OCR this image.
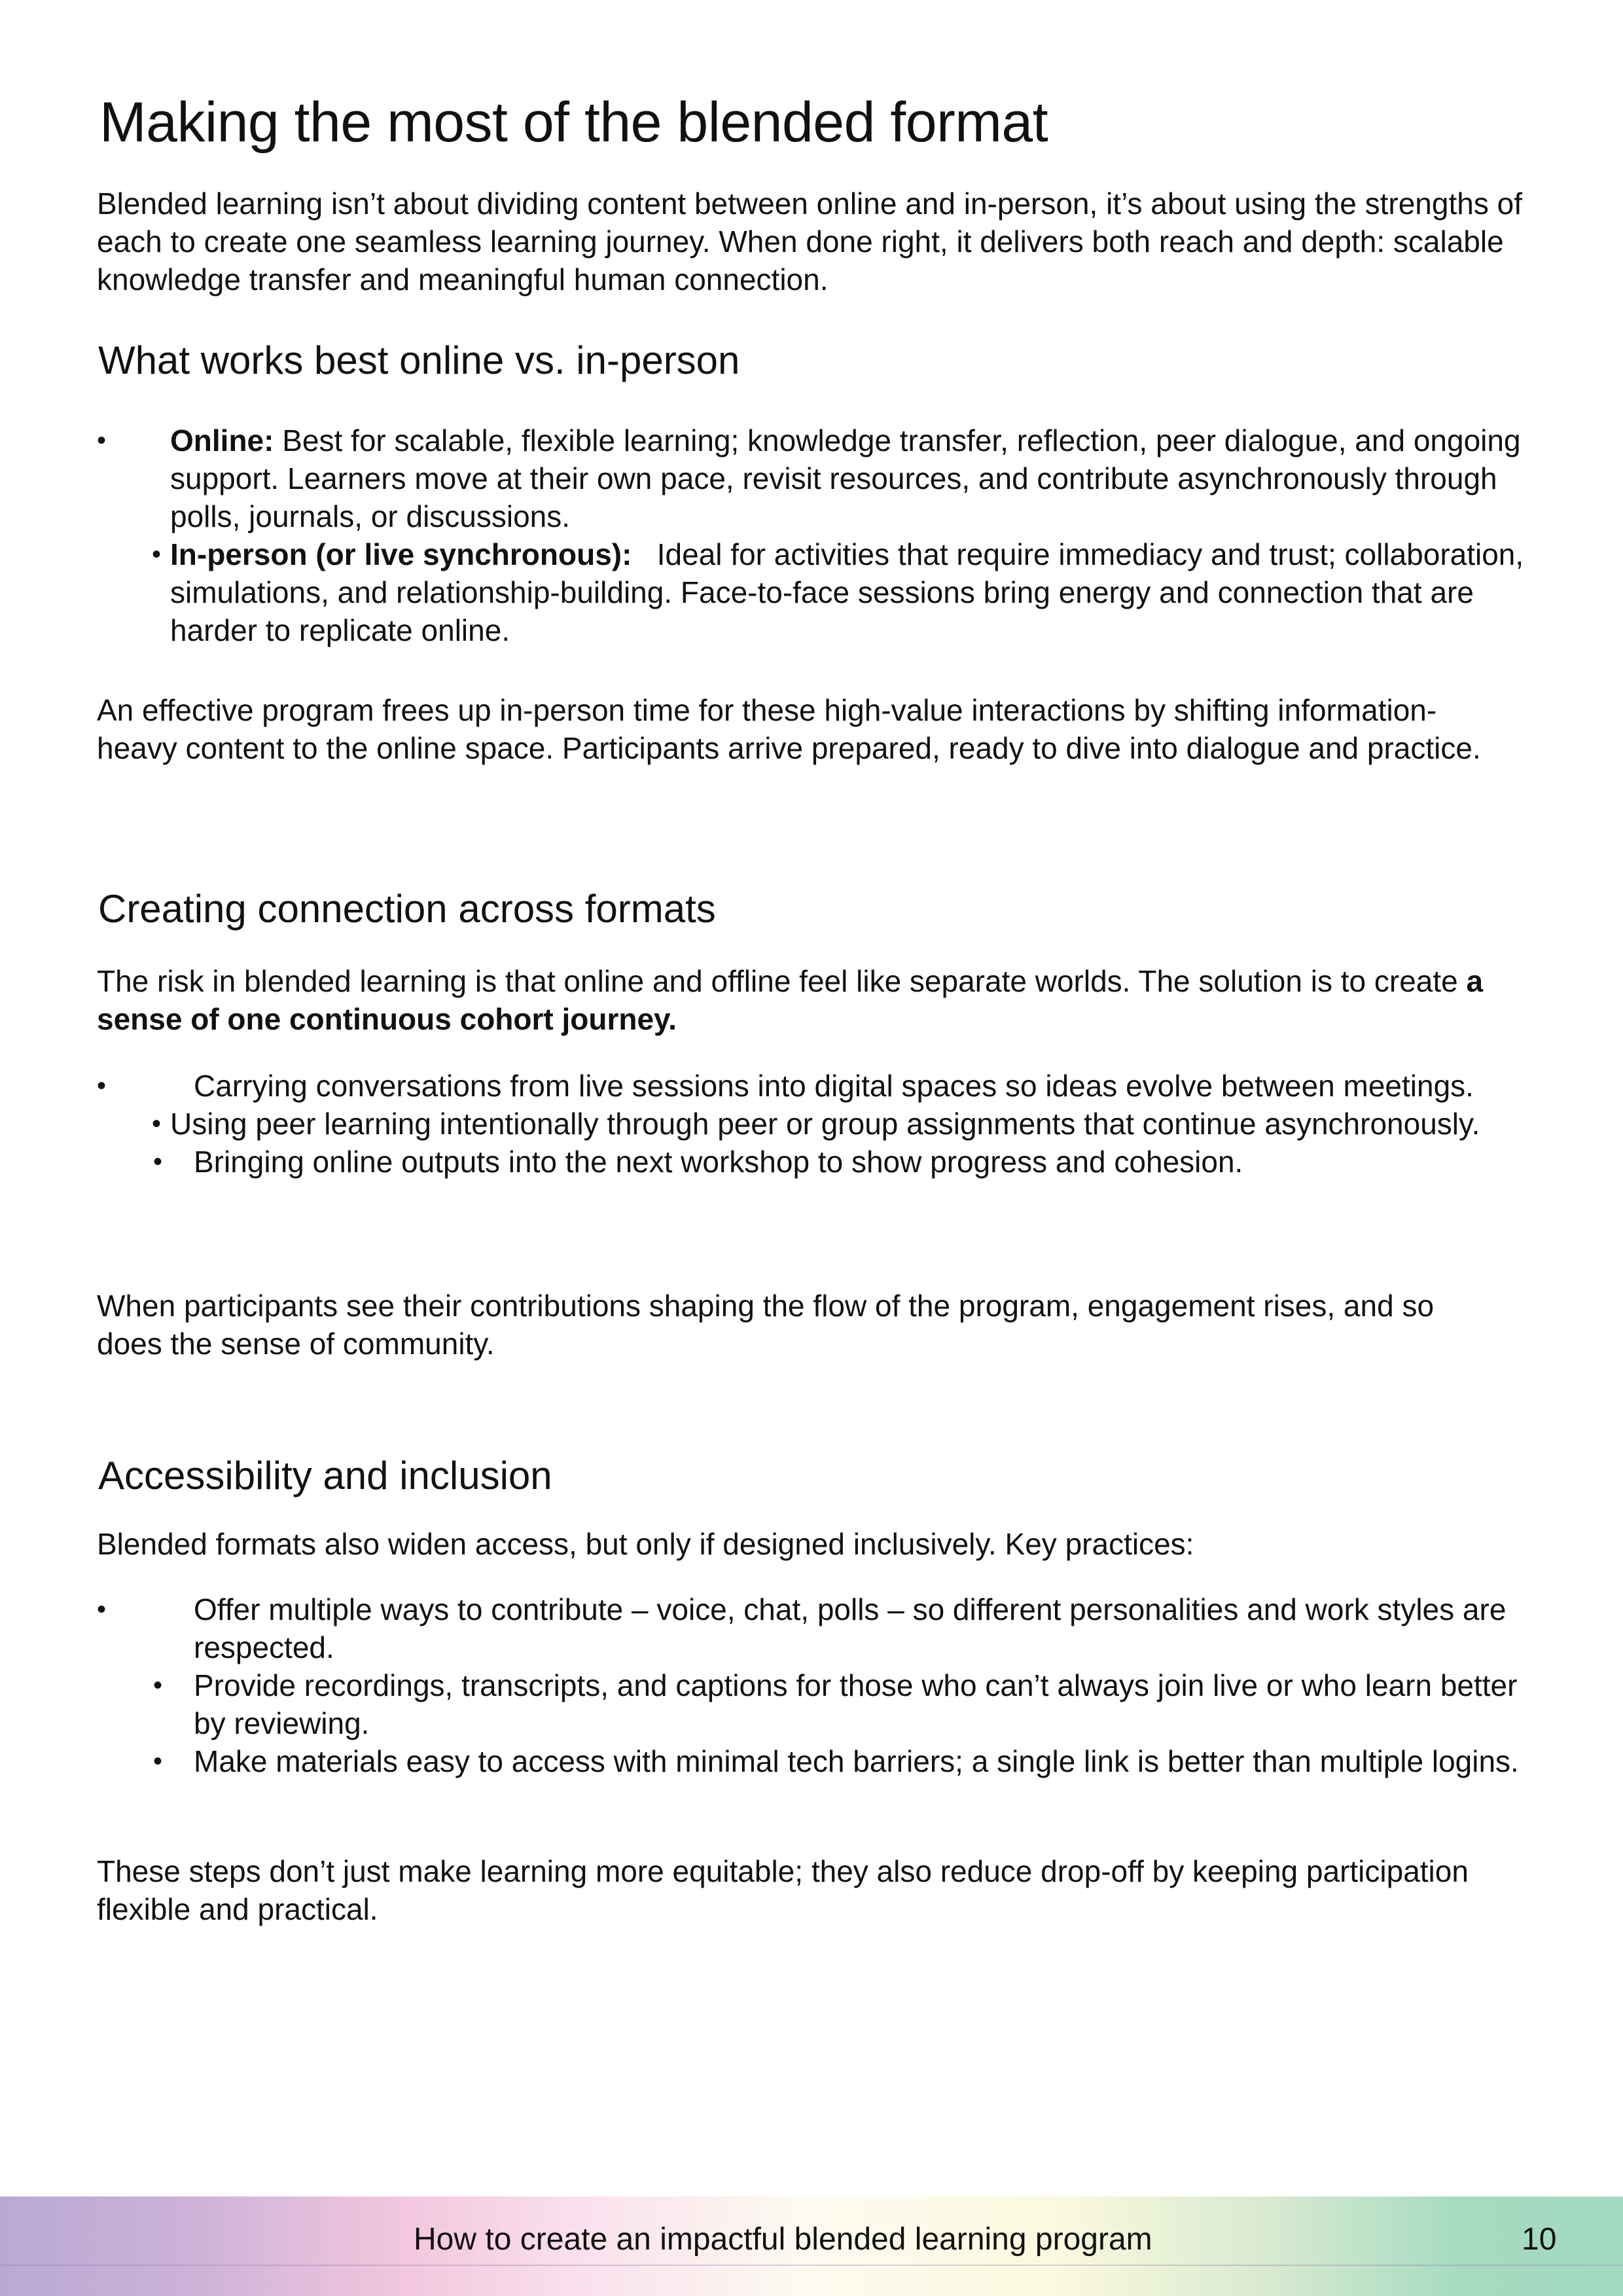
Making the most of the blended format

Blended learning isn’t about dividing content between online and in-person, it’s about using the strengths of each to create one seamless learning journey. When done right, it delivers both reach and depth: scalable knowledge transfer and meaningful human connection.

What works best online vs. in-person
• Online: Best for scalable, flexible learning; knowledge transfer, reflection, peer dialogue, and ongoing support. Learners move at their own pace, revisit resources, and contribute asynchronously through polls, journals, or discussions.
• In-person (or live synchronous):   Ideal for activities that require immediacy and trust; collaboration, simulations, and relationship-building. Face-to-face sessions bring energy and connection that are harder to replicate online.

An effective program frees up in-person time for these high-value interactions by shifting information-heavy content to the online space. Participants arrive prepared, ready to dive into dialogue and practice.

Creating connection across formats

The risk in blended learning is that online and offline feel like separate worlds. The solution is to create a sense of one continuous cohort journey.

•	Carrying conversations from live sessions into digital spaces so ideas evolve between meetings.
• Using peer learning intentionally through peer or group assignments that continue asynchronously.
• Bringing online outputs into the next workshop to show progress and cohesion.

When participants see their contributions shaping the flow of the program, engagement rises, and so does the sense of community.

Accessibility and inclusion

Blended formats also widen access, but only if designed inclusively. Key practices:

•	Offer multiple ways to contribute – voice, chat, polls – so different personalities and work styles are respected.
• Provide recordings, transcripts, and captions for those who can’t always join live or who learn better by reviewing.
• Make materials easy to access with minimal tech barriers; a single link is better than multiple logins.

These steps don’t just make learning more equitable; they also reduce drop-off by keeping participation flexible and practical.

How to create an impactful blended learning program	10
